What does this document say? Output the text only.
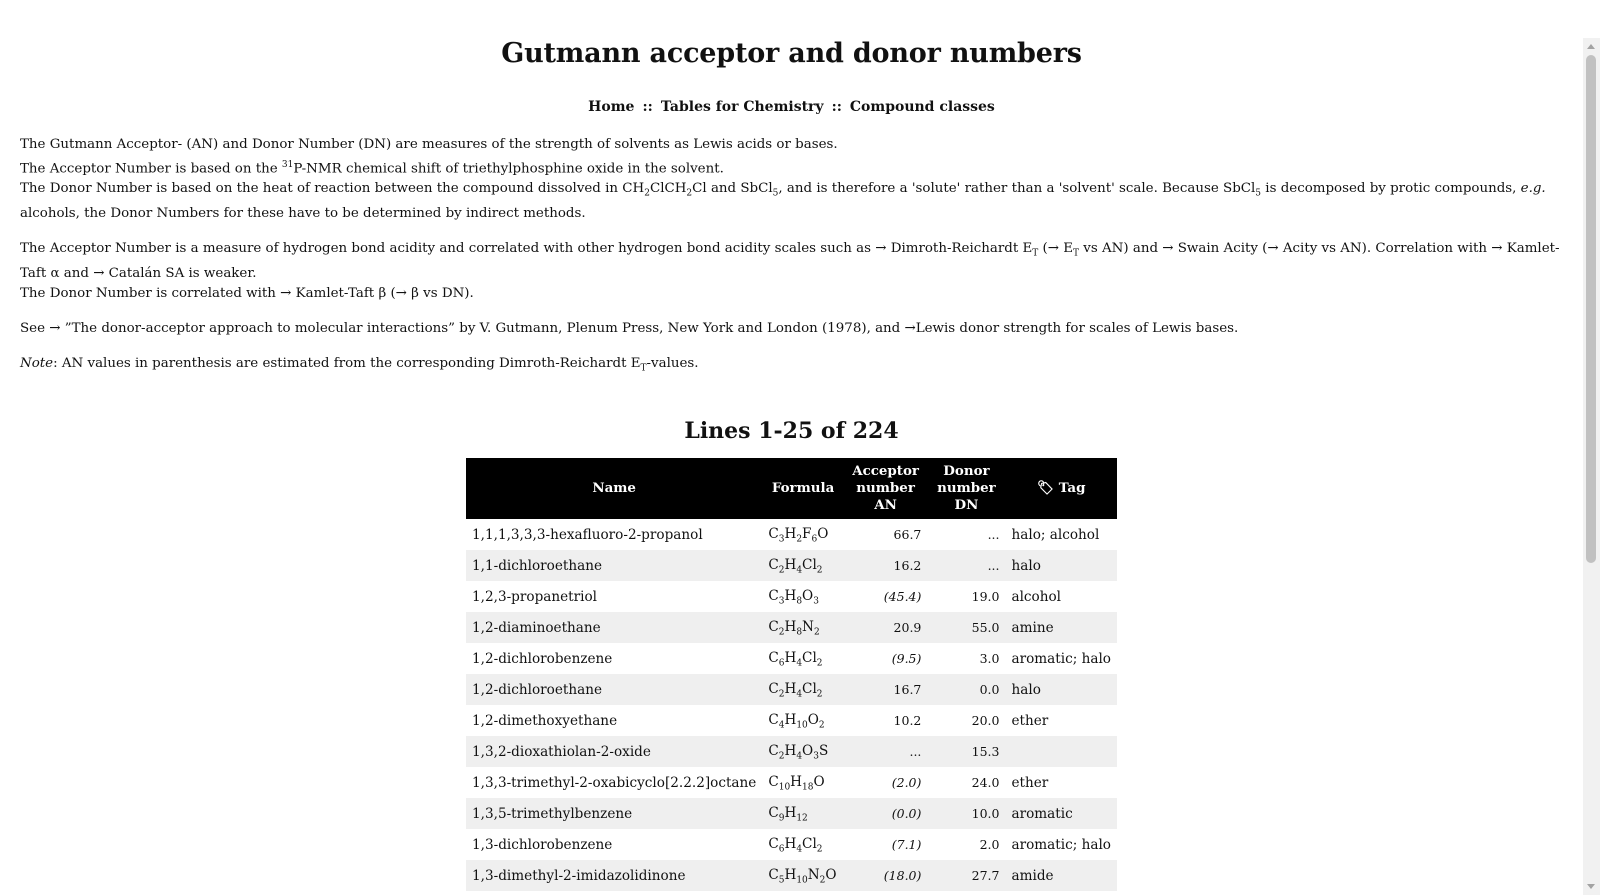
Gutmann acceptor and donor numbers
Home :: Tables for Chemistry :: Compound classes

The Gutmann Acceptor- (AN) and Donor Number (DN) are measures of the strength of solvents as Lewis acids or bases.

The Acceptor Number is based on the $^{31}$P-NMR chemical shift of triethylphosphine oxide in the solvent.

The Donor Number is based on the heat of reaction between the compound dissolved in $CH_2ClCH_2Cl$ and SbCl$_5$, and is therefore a 'solute' rather than a 'solvent' scale. Because SbCl$_5$ is decomposed by protic compounds, e.g. alcohols, the Donor Numbers for these have to be determined by indirect methods.

The Acceptor Number is a measure of hydrogen bond acidity and correlated with other hydrogen bond acidity scales such as → Dimroth-Reichardt $E_T$ (→ $E_T$ vs AN) and → Swain Acity (→ Acity vs AN). Correlation with → Kamlet-Taft α and → Catalán SA is weaker.

The Donor Number is correlated with → Kamlet-Taft β (→ β vs DN).

See → ”The donor-acceptor approach to molecular interactions” by V. Gutmann, Plenum Press, New York and London (1978), and →Lewis donor strength for scales of Lewis bases.

Note: AN values in parenthesis are estimated from the corresponding Dimroth-Reichardt $E_T$-values.

Lines 1-25 of 224
Name	Formula	Acceptor number AN	Donor number DN	🏷 Tag
1,1,1,3,3,3-hexafluoro-2-propanol	$C_3H_2F_6O$	66.7	...	halo; alcohol
1,1-dichloroethane	$C_2H_4Cl_2$	16.2	...	halo
1,2,3-propanetriol	$C_3H_8O_3$	(45.4)	19.0	alcohol
1,2-diaminoethane	$C_2H_8N_2$	20.9	55.0	amine
1,2-dichlorobenzene	$C_6H_4Cl_2$	(9.5)	3.0	aromatic; halo
1,2-dichloroethane	$C_2H_4Cl_2$	16.7	0.0	halo
1,2-dimethoxyethane	$C_4H_{10}O_2$	10.2	20.0	ether
1,3,2-dioxathiolan-2-oxide	$C_2H_4O_3S$	...	15.3	
1,3,3-trimethyl-2-oxabicyclo[2.2.2]octane	$C_{10}H_{18}O$	(2.0)	24.0	ether
1,3,5-trimethylbenzene	$C_9H_{12}$	(0.0)	10.0	aromatic
1,3-dichlorobenzene	$C_6H_4Cl_2$	(7.1)	2.0	aromatic; halo
1,3-dimethyl-2-imidazolidinone	$C_5H_{10}N_2O$	(18.0)	27.7	amide
